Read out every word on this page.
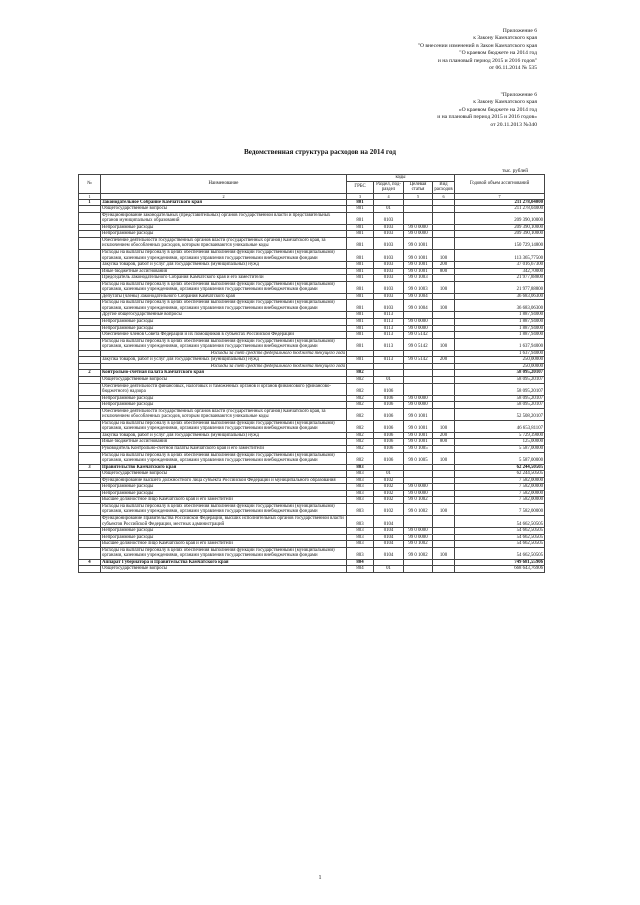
Приложение 6
к Закону Камчатского края
"О внесении изменений в Закон Камчатского края
"О краевом бюджете на 2014 год
и на плановый период 2015 и 2016 годов"
от 06.11.2014 № 535
"Приложение 6
к Закону Камчатского края
«О краевом бюджете на 2014 год
и на плановый период 2015 и 2016 годов»
от 20.11.2013 №340
Ведомственная структура расходов на 2014 год
тыс. рублей
№	Наименование	коды				Годовой объем ассигнований
		ГРБС	Раздел, под-раздел	Целевая статья	Вид расходов	
1	2	3	4	5	6	7
1	Законодательное Собрание Камчатского края	801				211 278,04000
	Общегосударственные вопросы	801	01			211 278,04000
	Функционирование законодательных (представительных) органов государственной власти и представительных органов муниципальных образований	801	0103			209 390,10000
	Непрограммные расходы	801	0103	99 0 0000		209 390,10000
	Непрограммные расходы	801	0103	99 0 0000		209 390,10000
	Обеспечение деятельности государственных органов власти (государственных органов) Камчатского края, за исключением обособленных расходов, которым присваиваются уникальные коды	801	0103	99 0 1001		150 729,14800
	Расходы на выплаты персоналу в целях обеспечения выполнения функций государственными (муниципальными) органами, казенными учреждениями, органами управления государственными внебюджетными фондами	801	0103	99 0 1001	100	113 365,77500
	Закупка товаров, работ и услуг для государственных (муниципальных) нужд	801	0103	99 0 1001	200	37 016,67300
	Иные бюджетные ассигнования	801	0103	99 0 1001	800	342,70000
	Председатель Законодательного Собрания Камчатского края и его заместители	801	0103	99 0 1003		21 977,88800
	Расходы на выплаты персоналу в целях обеспечения выполнения функций государственными (муниципальными) органами, казенными учреждениями, органами управления государственными внебюджетными фондами	801	0103	99 0 1003	100	21 977,88800
	Депутаты (члены) Законодательного Собрания Камчатского края	801	0103	99 0 1004		36 683,06300
	Расходы на выплаты персоналу в целях обеспечения выполнения функций государственными (муниципальными) органами, казенными учреждениями, органами управления государственными внебюджетными фондами	801	0103	99 0 1004	100	36 683,06300
	Другие общегосударственные вопросы	801	0113			1 887,94000
	Непрограммные расходы	801	0113	99 0 0000		1 887,94000
	Непрограммные расходы	801	0113	99 0 0000		1 887,94000
	Обеспечение членов Совета Федерации и их помощников в субъектах Российской Федерации	801	0113	99 0 5142		1 887,94000
	Расходы на выплаты персоналу в целях обеспечения выполнения функций государственными (муниципальными) органами, казенными учреждениями, органами управления государственными внебюджетными фондами	801	0113	99 0 5142	100	1 637,94000
	Расходы за счет средств федерального бюджета текущего года					1 637,94000
	Закупка товаров, работ и услуг для государственных (муниципальных) нужд	801	0113	99 0 5142	200	250,00000
	Расходы за счет средств федерального бюджета текущего года					250,00000
2	Контрольно-счетная палата Камчатского края	802				58 095,20107
	Общегосударственные вопросы	802	01			58 095,20107
	Обеспечение деятельности финансовых, налоговых и таможенных органов и органов финансового (финансово-бюджетного) надзора	802	0106			58 095,20107
	Непрограммные расходы	802	0106	99 0 0000		58 095,20107
	Непрограммные расходы	802	0106	99 0 0000		58 095,20107
	Обеспечение деятельности государственных органов власти (государственных органов) Камчатского края, за исключением обособленных расходов, которым присваиваются уникальные коды	802	0106	99 0 1001		52 508,20107
	Расходы на выплаты персоналу в целях обеспечения выполнения функций государственными (муниципальными) органами, казенными учреждениями, органами управления государственными внебюджетными фондами	802	0106	99 0 1001	100	46 653,81107
	Закупка товаров, работ и услуг для государственных (муниципальных) нужд	802	0106	99 0 1001	200	5 729,39000
	Иные бюджетные ассигнования	802	0106	99 0 1001	800	125,00000
	Руководитель Контрольно-счетной палаты Камчатского края и его заместители	802	0106	99 0 1005		5 587,00000
	Расходы на выплаты персоналу в целях обеспечения выполнения функций государственными (муниципальными) органами, казенными учреждениями, органами управления государственными внебюджетными фондами	802	0106	99 0 1005	100	5 587,00000
3	Правительство Камчатского края	803				62 244,50505
	Общегосударственные вопросы	803	01			62 244,50505
	Функционирование высшего должностного лица субъекта Российской Федерации и муниципального образования	803	0102			7 582,00000
	Непрограммные расходы	803	0102	99 0 0000		7 582,00000
	Непрограммные расходы	803	0102	99 0 0000		7 582,00000
	Высшее должностное лицо Камчатского края и его заместители	803	0102	99 0 1002		7 582,00000
	Расходы на выплаты персоналу в целях обеспечения выполнения функций государственными (муниципальными) органами, казенными учреждениями, органами управления государственными внебюджетными фондами	803	0102	99 0 1002	100	7 582,00000
	Функционирование Правительства Российской Федерации, высших исполнительных органов государственной власти субъектов Российской Федерации, местных администраций	803	0104			54 662,50505
	Непрограммные расходы	803	0104	99 0 0000		54 662,50505
	Непрограммные расходы	803	0104	99 0 0000		54 662,50505
	Высшее должностное лицо Камчатского края и его заместители	803	0104	99 0 1002		54 662,50505
	Расходы на выплаты персоналу в целях обеспечения выполнения функций государственными (муниципальными) органами, казенными учреждениями, органами управления государственными внебюджетными фондами	803	0104	99 0 1002	100	54 662,50505
4	Аппарат Губернатора и Правительства Камчатского края	804				749 681,55906
	Общегосударственные вопросы	804	01			668 643,76906
1
